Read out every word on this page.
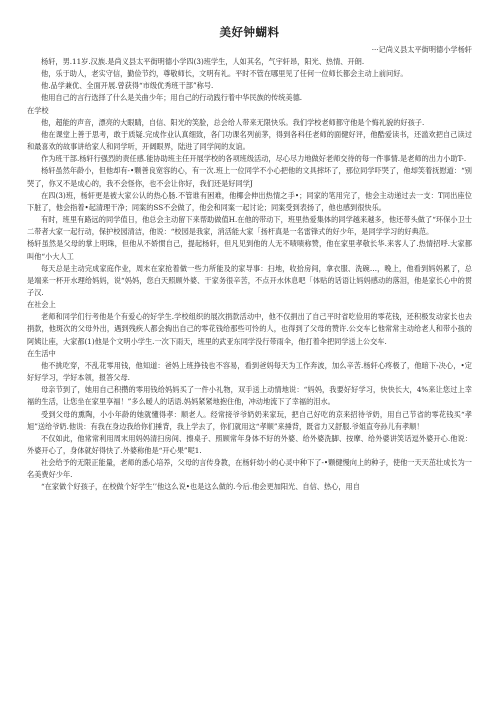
美好钟蝴料
···记尚义县太平街明德小学杨轩

杨轩，男.11岁.汉族.是尚义县太平街明德小学四(3)班学生，人如其名，气宇轩昂，阳光、热情、开朗.

他，乐于助人，老实守信，勤俭节约，尊敬师长，文明有礼。平时不管在哪里见了任何一位师长都会主动上前问好。

他.品学兼优、全面开展.曾获得“市级优秀班干部”称号.

他用自己的言行选择了什么是关曲少年；用自己的行动践行着中华民族的传统美德.

在学校

他，超能的声音，漂亮的大眼睛，自信、阳光的笑脸，总会给人带来无限快乐。我们学校老师都守他是个悔礼貌的好孩子.

他在课堂上善于思考，敢于质疑.完成作业认真细致，各门功课名列前茅，得到各科任老师的面健好评，他酷爱读书，还滥欢把自己读过和最喜欢的故事讲给家人和同学听，开阔眼界，陆进了同学间的友谊。

作为班干部.杨轩行强烈的责任感.能协助班主任开展学校的各项班级活动，尽心尽力地做好老师交待的每一件事情.是老师的出力小助T-.

杨轩虽然年龄小，但他却有-•颗善良宽容的心，有一次.班上一位同学不小心把他的文具摔坏了，那位同学吓哭了，他却笑着抚慰道：“别哭了，你又不是成心的，我不会怪你，也不会让你好，我们还是好同学J

在四(3)班，杨轩更是被大家公认的热心肠.不管谁有困难，他椰会伸出热情之手•；同家的笔用完了，他会主动递过去一支：T同出座位下脏了，他会指着•起清理干净；同案的SS不会做了，他会和同案一起讨论；同案受到表扬了，他也感到很快乐。

有时，班里有路远的同学值日，他总会主动留下来帮助做值H.在他的带动下，班里热爱集体的同学越来越多，他还带头做了“环保小卫士二带者大家一起行动，保护校园清洁，他说：“校园是我家，消活能大家「扬杆真是一名雷锋式的好少年，是同学学习的好典范。

杨轩虽然是父母的掌上明珠，但他从不娇惯自己，提起杨轩，但凡见到他的人无不啧啧称赞，他在家里孝敬长华.来客人了.热情招呼.大家都叫他“小大人工

每天总是主动完成家庭作业，周末在家抢着做一些力所能及的家导事：扫地，收拾房间，拿衣服、洗碗…，晚上，他看到妈妈累了，总是端来一杯开水理给妈妈，说“妈妈，您白天照顾外婆、干家务很辛苦，不点开水休息吧「体贴的话语让妈妈感动的落泪，他是家长心中的贯子汉.

在社会上

老师和同学们行考他是个有爱心的好学生.学校组织的展次捐款活动中，他不仅捐出了自己平时省吃俭用的零花钱，还积极发动家长也去捐款，他斑次的父母外出，遇到残疾人都会掏出自己的零花钱给那些可怜的人，也得到了父母的赞许.公交车匕他常常主动给老人和带小孩的阿姨让座，大家都(1)他是个文明小学生.一次下雨天，班里的武亚东同学没行带雨伞，他打着伞把同学送上公交车.

在生活中

他不挑吃穿，不乱花零用钱，他知道：爸妈上班挣钱也不容易，看到爸妈每天为工作奔波，加么辛苦.杨轩心疼极了，他暗下-决心，•定好好学习，学好本领，报答父母.

母亲节到了，她用自己积攒的零用钱给妈妈买了一件小礼物，双手送上动情地说：“妈妈，我要好好学习，快快长大，4%来让您过上幸福的生活，让您坐在家里享福！”多么暧人的话语.妈妈紧紧地抱住他，冲动地流下了幸福的泪水。

受到父母的熏陶，小小年龄的她就懂得孝：顺老人。经常接爷爷奶奶来家玩，把自己好吃的京来招待爷奶，用自己节省的零花钱买“孝旭”送给爷奶.他说：有我在身边我给你们捶背，我上学去了，你们就用这“孝顺”来捶背，既省力又舒服.爷姐直夸孙儿有孝顺！

不仅如此，他常常利用周末用妈妈清扫房间、擦桌子、照顾常年身体不好的外婆、给外婆洗脚、按摩、给外婆讲笑话逗外婆开心.他说：外婆开心了，身体就好得快了.外婆称他是“开心果”呢1.

社会给予的无限正能量，老师的悉心培养，父母的言传身教，在杨轩幼小的心灵中种下了-•颗健慢向上的种子，使他一天天茁壮成长为一名美费好少年.

“在家做个好孩子，在校做个好学生’’他这么说•也是这么做的.今后.他会更加阳光、自信、热心，用自
